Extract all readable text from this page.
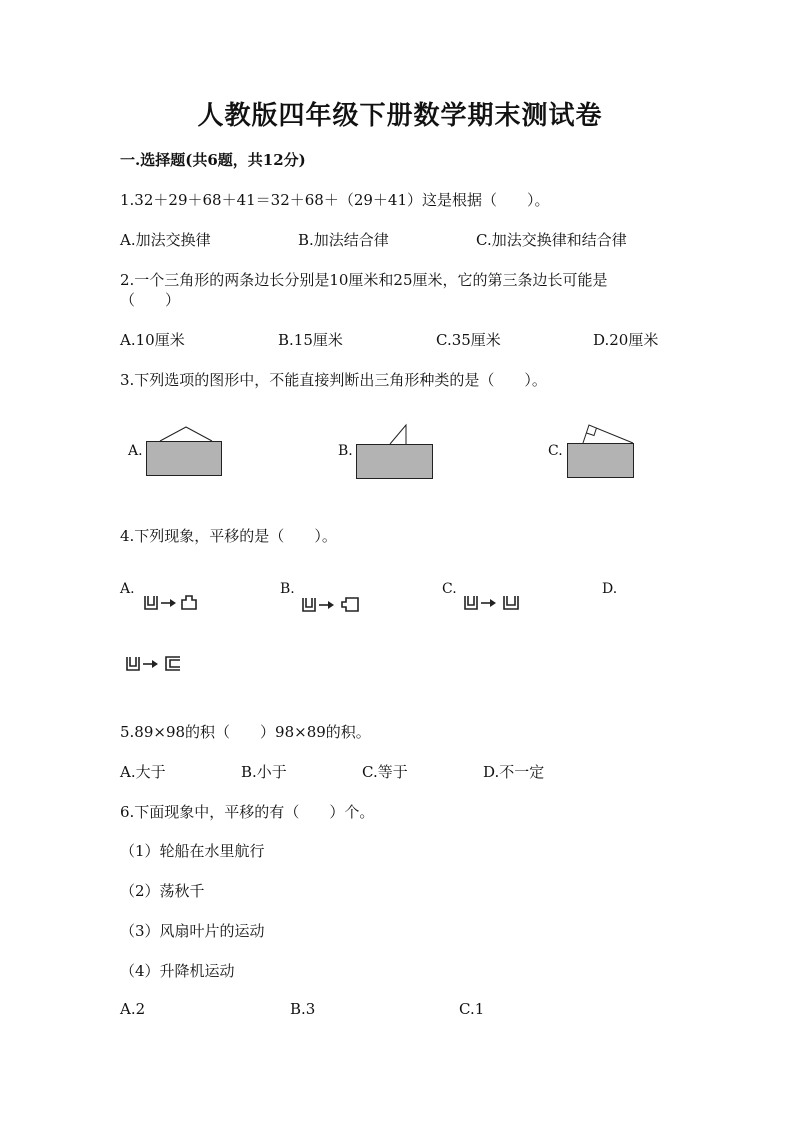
人教版四年级下册数学期末测试卷
一.选择题(共6题，共12分)
1.32＋29＋68＋41＝32＋68＋（29＋41）这是根据（　　）。
A.加法交换律	B.加法结合律	C.加法交换律和结合律
2.一个三角形的两条边长分别是10厘米和25厘米，它的第三条边长可能是
（　　）
A.10厘米	B.15厘米	C.35厘米	D.20厘米
3.下列选项的图形中，不能直接判断出三角形种类的是（　　）。
A.	B.	C.
4.下列现象，平移的是（　　）。
A.	B.	C.	D.
5.89×98的积（　　）98×89的积。
A.大于	B.小于	C.等于	D.不一定
6.下面现象中，平移的有（　　）个。
（1）轮船在水里航行
（2）荡秋千
（3）风扇叶片的运动
（4）升降机运动
A.2	B.3	C.1
